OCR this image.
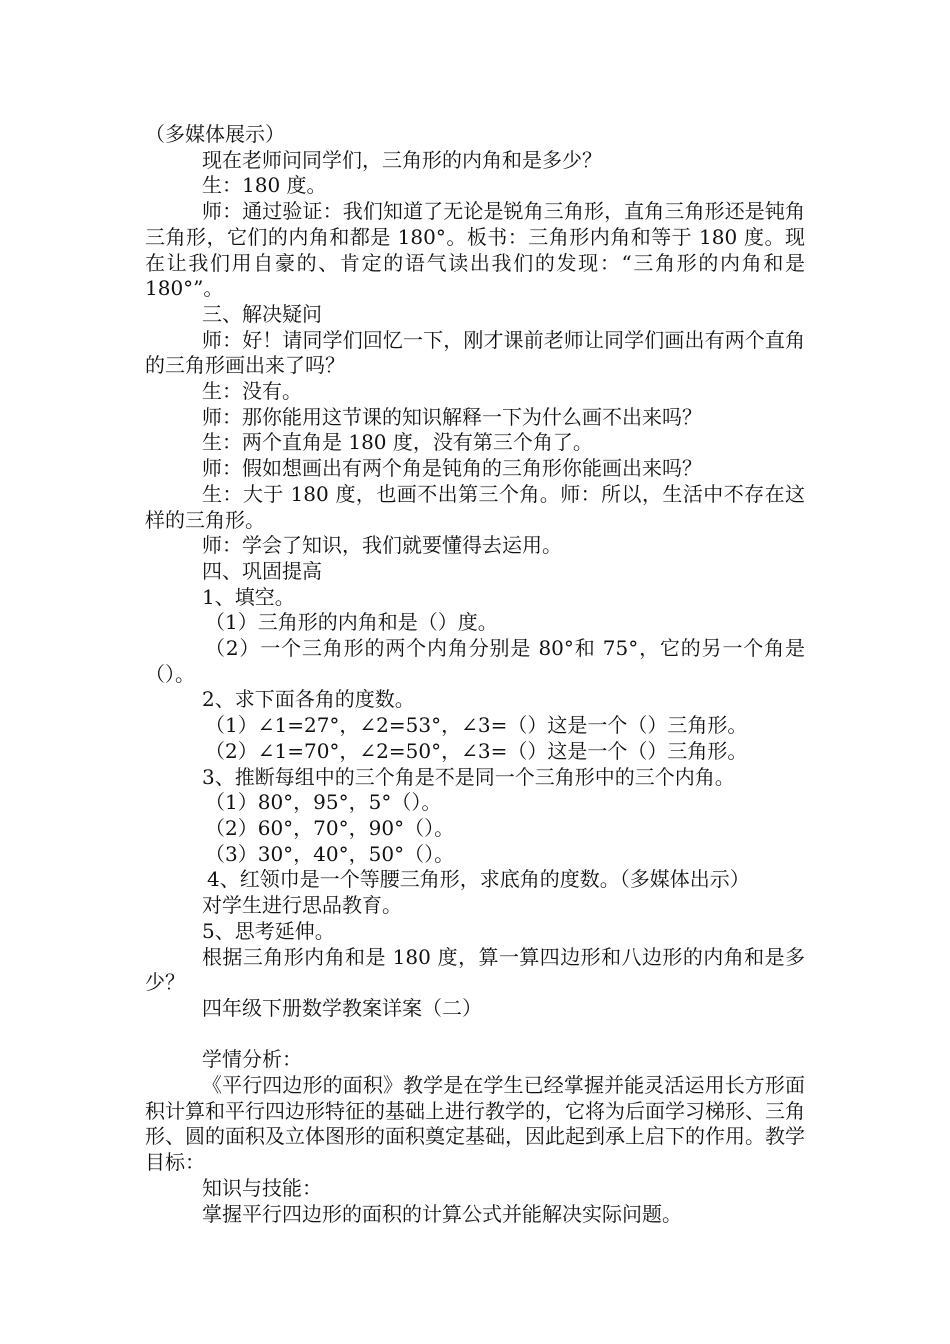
（多媒体展示）

现在老师问同学们，三角形的内角和是多少？

生：180 度。

师：通过验证：我们知道了无论是锐角三角形，直角三角形还是钝角三角形，它们的内角和都是 180°。板书：三角形内角和等于 180 度。现在让我们用自豪的、肯定的语气读出我们的发现：“三角形的内角和是 180°”。

三、解决疑问

师：好！请同学们回忆一下，刚才课前老师让同学们画出有两个直角的三角形画出来了吗？

生：没有。

师：那你能用这节课的知识解释一下为什么画不出来吗？

生：两个直角是 180 度，没有第三个角了。

师：假如想画出有两个角是钝角的三角形你能画出来吗？

生：大于 180 度，也画不出第三个角。师：所以，生活中不存在这样的三角形。

师：学会了知识，我们就要懂得去运用。

四、巩固提高

1、填空。

（1）三角形的内角和是（）度。

（2）一个三角形的两个内角分别是 80°和 75°，它的另一个角是（）。

2、求下面各角的度数。

（1）∠1=27°，∠2=53°，∠3=（）这是一个（）三角形。

（2）∠1=70°，∠2=50°，∠3=（）这是一个（）三角形。

3、推断每组中的三个角是不是同一个三角形中的三个内角。

（1）80°，95°，5°（）。

（2）60°，70°，90°（）。

（3）30°，40°，50°（）。

4、红领巾是一个等腰三角形，求底角的度数。（多媒体出示）

对学生进行思品教育。

5、思考延伸。

根据三角形内角和是 180 度，算一算四边形和八边形的内角和是多少？

四年级下册数学教案详案（二）

学情分析：

《平行四边形的面积》教学是在学生已经掌握并能灵活运用长方形面积计算和平行四边形特征的基础上进行教学的，它将为后面学习梯形、三角形、圆的面积及立体图形的面积奠定基础，因此起到承上启下的作用。教学目标：

知识与技能：

掌握平行四边形的面积的计算公式并能解决实际问题。
